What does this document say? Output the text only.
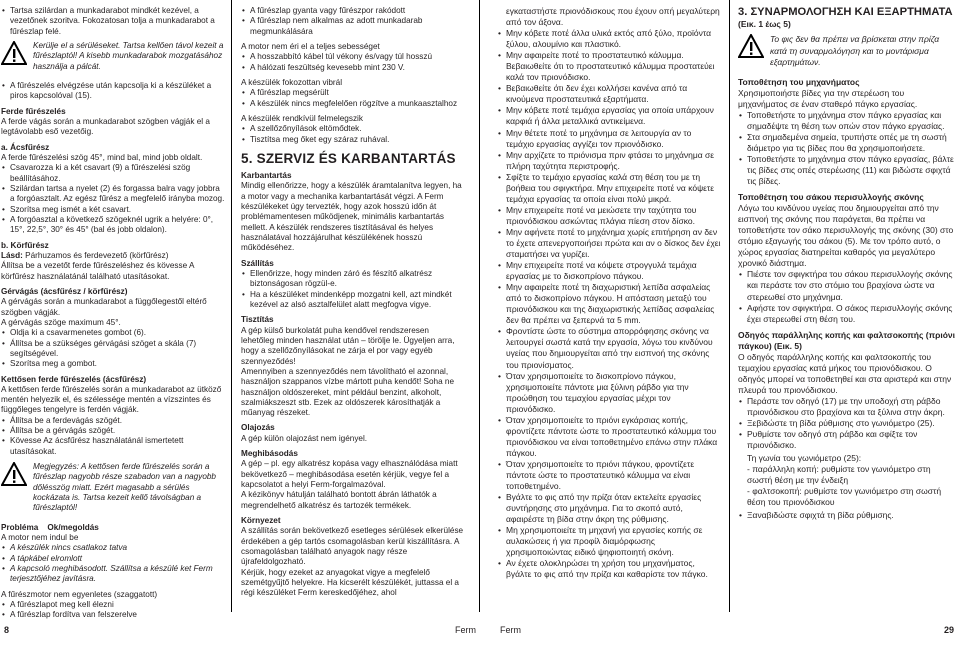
• Tartsa szilárdan a munkadarabot mindkét kezével, a vezetőnek szoritva. Fokozatosan tolja a munkadarabot a fűrészlap felé.

Kerülje el a sérüléseket. Tartsa kellően távol kezeit a fűrészlaptól! A kisebb munkadarabok mozgatásához használja a pálcát.

• A fűrészelés elvégzése után kapcsolja ki a készüléket a piros kapcsolóval (15).

Ferde fűrészelés

A ferde vágás során a munkadarabot szögben vágják el a legtávolabb eső vezetőig.

a. Ácsfűrész

A ferde fűrészelési szög 45°, mind bal, mind jobb oldalt.

• Csavarozza ki a két csavart (9) a fűrészelési szög beállításához.
• Szilárdan tartsa a nyelet (2) és forgassa balra vagy jobbra a forgóasztalt. Az egész fűrész a megfelelő irányba mozog.
• Szorítsa meg ismét a két csavart.
• A forgóasztal a következő szögeknél ugrik a helyére: 0°, 15°, 22,5°, 30° és 45° (bal és jobb oldalon).

b. Körfűrész

Lásd: Párhuzamos és ferdevezető (körfűrész)

Állítsa be a vezetőt ferde fűrészeléshez és kövesse A körfűrész használatánál található utasításokat.

Gérvágás (ácsfűrész / körfűrész)

A gérvágás során a munkadarabot a függőlegestől eltérő szögben vágják.

A gérvágás szöge maximum 45°.

• Oldja ki a csavarmenetes gombot (6).
• Állítsa be a szükséges gérvágási szöget a skála (7) segítségével.
• Szorítsa meg a gombot.

Kettősen ferde fűrészelés (ácsfűrész)

A kettősen ferde fűrészelés során a munkadarabot az ütköző mentén helyezik el, és szélessége mentén a vízszintes és függőleges tengelyre is ferdén vágják.

• Állítsa be a ferdevágás szögét.
• Állítsa be a gérvágás szögét.
• Kövesse Az ácsfűrész használatánál ismertetett utasításokat.

Megjegyzés: A kettősen ferde fűrészelés során a fűrészlap nagyobb része szabadon van a nagyobb dőlésszög miatt. Ezért magasabb a sérülés kockázata is. Tartsa kezeit kellő távolságban a fűrészlaptól!

Probléma    Ok/megoldás

A motor nem indul be

• A készülék nincs csatlakoz tatva
• A tápkábel elromlott
• A kapcsoló meghibásodott. Szállítsa a készülé ket Ferm terjesztőjéhez javításra.

A fűrészmotor nem egyenletes (szaggatott)

• A fűrészlapot meg kell élezni
• A fűrészlap fordítva van felszerelve
• A fűrészlap gyanta vagy fűrészpor rakódott
• A fűrészlap nem alkalmas az adott munkadarab megmunkálására

A motor nem éri el a teljes sebességet

• A hosszabbító kábel túl vékony és/vagy túl hosszú
• A hálózati feszültség kevesebb mint 230 V.

A készülék fokozottan vibrál

• A fűrészlap megsérült
• A készülék nincs megfelelően rögzítve a munkaasztalhoz

A készülék rendkívül felmelegszik

• A szellőzőnyílások eltömődtek.
• Tisztítsa meg őket egy száraz ruhával.
5. SZERVIZ ÉS KARBANTARTÁS

Karbantartás

Mindig ellenőrizze, hogy a készülék áramtalanítva legyen, ha a motor vagy a mechanika karbantartását végzi. A Ferm készülékeket úgy tervezték, hogy azok hosszú időn át problémamentesen működjenek, minimális karbantartás mellett. A készülék rendszeres tisztításával és helyes használatával hozzájárulhat készülékének hosszú működéséhez.

Szállítás

• Ellenőrizze, hogy minden záró és fészítő alkatrész biztonságosan rögzül-e.
• Ha a készüléket mindenképp mozgatni kell, azt mindkét kezével az alsó asztalfelület alatt megfogva vigye.

Tisztítás

A gép külső burkolatát puha kendővel rendszeresen lehetőleg minden használat után – törölje le. Ügyeljen arra, hogy a szellőzőnyílásokat ne zárja el por vagy egyéb szennyeződés!

Amennyiben a szennyeződés nem távolítható el azonnal, használjon szappanos vízbe mártott puha kendőt! Soha ne használjon oldószereket, mint például benzint, alkoholt, szalmiákszeszt stb. Ezek az oldószerek károsíthatják a műanyag részeket.

Olajozás

A gép külön olajozást nem igényel.

Meghibásodás

A gép – pl. egy alkatrész kopása vagy elhasználódása miatt bekövetkező – meghibásodása esetén kérjük, vegye fel a kapcsolatot a helyi Ferm-forgalmazóval.

A kézikönyv hátulján található bontott ábrán láthatók a megrendelhető alkatrész és tartozék termékek.

Környezet

A szállítás során bekövetkező esetleges sérülések elkerülése érdekében a gép tartós csomagolásban kerül kiszállításra. A csomagolásban található anyagok nagy része újrafeldolgozható.

Kérjük, hogy ezeket az anyagokat vigye a megfelelő szemétgyűjtő helyekre. Ha kicserélt készülékét, juttassa el a régi készüléket Ferm kereskedőjéhez, ahol

εγκαταστήστε πριονόδισκους που έχουν οπή μεγαλύτερη από τον άξονα.

• Μην κόβετε ποτέ άλλα υλικά εκτός από ξύλο, προϊόντα ξύλου, αλουμίνιο και πλαστικό.
• Μην αφαιρείτε ποτέ το προστατευτικό κάλυμμα. Βεβαιωθείτε ότι το προστατευτικό κάλυμμα προστατεύει καλά τον πριονόδισκο.
• Βεβαιωθείτε ότι δεν έχει κολλήσει κανένα από τα κινούμενα προστατευτικά εξαρτήματα.
• Μην κόβετε ποτέ τεμάχια εργασίας για οποία υπάρχουν καρφιά ή άλλα μεταλλικά αντικείμενα.
• Μην θέτετε ποτέ το μηχάνημα σε λειτουργία αν το τεμάχιο εργασίας αγγίζει τον πριονόδισκο.
• Μην αρχίζετε το πριόνισμα πριν φτάσει το μηχάνημα σε πλήρη ταχύτητα περιστροφής.
• Σφίξτε το τεμάχιο εργασίας καλά στη θέση του με τη βοήθεια του σφιγκτήρα. Μην επιχειρείτε ποτέ να κόψετε τεμάχια εργασίας τα οποία είναι πολύ μικρά.
• Μην επιχειρείτε ποτέ να μειώσετε την ταχύτητα του πριονόδισκου ασκώντας πλάγια πίεση στον δίσκο.
• Μην αφήνετε ποτέ το μηχάνημα χωρίς επιτήρηση αν δεν το έχετε απενεργοποιήσει πρώτα και αν ο δίσκος δεν έχει σταματήσει να γυρίζει.
• Μην επιχειρείτε ποτέ να κόψετε στρογγυλά τεμάχια εργασίας με το δισκοπρίονο πάγκου.
• Μην αφαιρείτε ποτέ τη διαχωριστική λεπίδα ασφαλείας από το δισκοπρίονο πάγκου. Η απόσταση μεταξύ του πριονόδισκου και της διαχωριστικής λεπίδας ασφαλείας δεν θα πρέπει να ξεπερνά τα 5 mm.
• Φροντίστε ώστε το σύστημα απορρόφησης σκόνης να λειτουργεί σωστά κατά την εργασία, λόγω του κινδύνου υγείας που δημιουργείται από την εισπνοή της σκόνης του πριονίσματος.
• Όταν χρησιμοποιείτε το δισκοπρίονο πάγκου, χρησιμοποιείτε πάντοτε μια ξύλινη ράβδο για την προώθηση του τεμαχίου εργασίας μέχρι τον πριονόδισκο.
• Όταν χρησιμοποιείτε το πριόνι εγκάρσιας κοπής, φροντίζετε πάντοτε ώστε το προστατευτικό κάλυμμα του πριονόδισκου να είναι τοποθετημένο επάνω στην πλάκα πάγκου.
• Όταν χρησιμοποιείτε το πριόνι πάγκου, φροντίζετε πάντοτε ώστε το προστατευτικό κάλυμμα να είναι τοποθετημένο.
• Βγάλτε το φις από την πρίζα όταν εκτελείτε εργασίες συντήρησης στο μηχάνημα. Για το σκοπό αυτό, αφαιρέστε τη βίδα στην άκρη της ρύθμισης.
• Μη χρησιμοποιείτε τη μηχανή για εργασίες κοπής σε αυλακώσεις ή για προφίλ διαμόρφωσης χρησιμοποιώντας ειδικό ψηφιοποιητή σκόνη.
• Αν έχετε ολοκληρώσει τη χρήση του μηχανήματος, βγάλτε το φις από την πρίζα και καθαρίστε τον πάγκο.
3. ΣΥΝΑΡΜΟΛΟΓΗΣΗ ΚΑΙ ΕΞΑΡΤΗΜΑΤΑ

(Εικ. 1 έως 5)

Το φις δεν θα πρέπει να βρίσκεται στην πρίζα κατά τη συναρμολόγηση και το μοντάρισμα εξαρτημάτων.

Τοποθέτηση του μηχανήματος

Χρησιμοποιήστε βίδες για την στερέωση του μηχανήματος σε έναν σταθερό πάγκο εργασίας.

• Τοποθετήστε το μηχάνημα στον πάγκο εργασίας και σημαδέψτε τη θέση των οπών στον πάγκο εργασίας.
• Στα σημαδεμένα σημεία, τρυπήστε οπές με τη σωστή διάμετρο για τις βίδες που θα χρησιμοποιήσετε.
• Τοποθετήστε το μηχάνημα στον πάγκο εργασίας, βάλτε τις βίδες στις οπές στερέωσης (11) και βιδώστε σφιχτά τις βίδες.

Τοποθέτηση του σάκου περισυλλογής σκόνης

Λόγω του κινδύνου υγείας που δημιουργείται από την εισπνοή της σκόνης που παράγεται, θα πρέπει να τοποθετήστε τον σάκο περισυλλογής της σκόνης (30) στο στόμιο εξαγωγής του σάκου (5). Με τον τρόπο αυτό, ο χώρος εργασίας διατηρείται καθαρός για μεγαλύτερο χρονικό διάστημα.

• Πιέστε τον σφιγκτήρα του σάκου περισυλλογής σκόνης και περάστε τον στο στόμιο του βραχίονα ώστε να στερεωθεί στο μηχάνημα.
• Αφήστε τον σφιγκτήρα. Ο σάκος περισυλλογής σκόνης έχει στερεωθεί στη θέση του.

Οδηγός παράλληλης κοπής και φαλτσοκοπής (πριόνι πάγκου) (Εικ. 5)

Ο οδηγός παράλληλης κοπής και φαλτσοκοπής του τεμαχίου εργασίας κατά μήκος του πριονόδισκου. Ο οδηγός μπορεί να τοποθετηθεί και στα αριστερά και στην πλευρά του πριονόδισκου.

• Περάστε τον οδηγό (17) με την υποδοχή στη ράβδο πριονόδισκου στο βραχίονα και τα ξύλινα στην άκρη.
• Ξεβιδώστε τη βίδα ρύθμισης στο γωνιόμετρο (25).
• Ρυθμίστε τον οδηγό στη ράβδο και σφίξτε τον πριονόδισκο.

Τη γωνία του γωνιόμετρο (25):

- παράλληλη κοπή: ρυθμίστε τον γωνιόμετρο στη σωστή θέση με την ένδειξη
- φαλτσοκοπή: ρυθμίστε τον γωνιόμετρο στη σωστή θέση του πριονόδισκου
• Ξαναβιδώστε σφιχτά τη βίδα ρύθμισης.
8	Ferm	Ferm	29
